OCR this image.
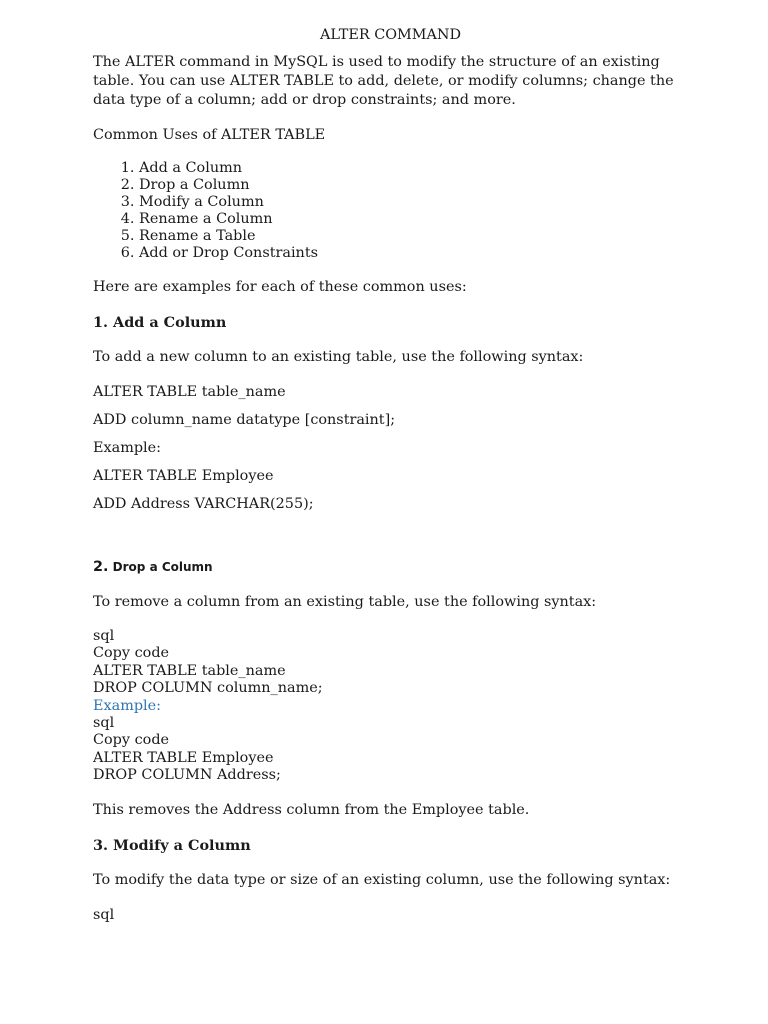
ALTER COMMAND

The ALTER command in MySQL is used to modify the structure of an existing table. You can use ALTER TABLE to add, delete, or modify columns; change the data type of a column; add or drop constraints; and more.

Common Uses of ALTER TABLE

1. Add a Column
2. Drop a Column
3. Modify a Column
4. Rename a Column
5. Rename a Table
6. Add or Drop Constraints

Here are examples for each of these common uses:

1. Add a Column

To add a new column to an existing table, use the following syntax:

ALTER TABLE table_name

ADD column_name datatype [constraint];

Example:

ALTER TABLE Employee

ADD Address VARCHAR(255);

2. Drop a Column

To remove a column from an existing table, use the following syntax:

sql

Copy code

ALTER TABLE table_name

DROP COLUMN column_name;

Example:

sql

Copy code

ALTER TABLE Employee

DROP COLUMN Address;

This removes the Address column from the Employee table.

3. Modify a Column

To modify the data type or size of an existing column, use the following syntax:

sql
